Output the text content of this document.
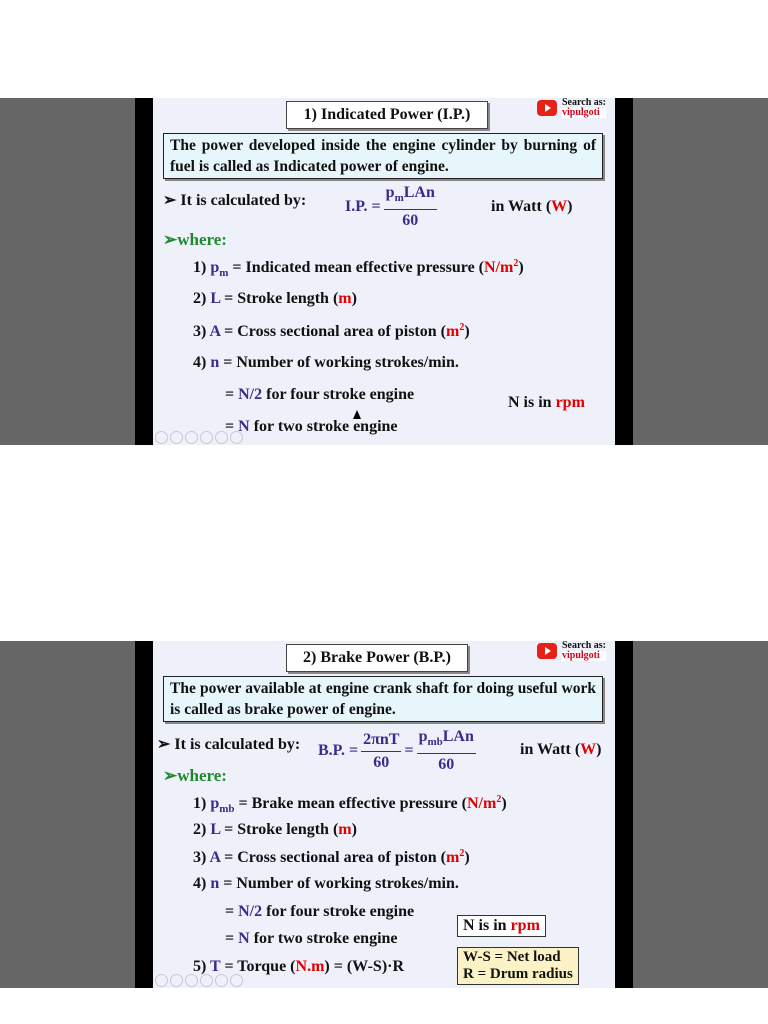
1) Indicated Power (I.P.)
Search as:
vipulgoti
The power developed inside the engine cylinder by burning of fuel is called as Indicated power of engine.
➢ It is calculated by: I.P. = $\frac{p_mLAn}{60}$	in Watt (W)
➢where:
1) $p_m$ = Indicated mean effective pressure $(N/m^2)$
2) L = Stroke length (m)
3) A = Cross sectional area of piston $(m^2)$
4) n = Number of working strokes/min.
= N/2 for four stroke engine	N is in rpm
= N for two stroke engine
2) Brake Power (B.P.)
Search as:
vipulgoti
The power available at engine crank shaft for doing useful work is called as brake power of engine.
➢ It is calculated by: B.P. = $\frac{\text{2πnT}}{60} = \frac{p_{mb}LAn}{60}$	in Watt (W)
➢where:
1) $p_{mb}$ = Brake mean effective pressure $(N/m^2)$
2) L = Stroke length (m)
3) A = Cross sectional area of piston $(m^2)$
4) n = Number of working strokes/min.
= N/2 for four stroke engine
N is in rpm
= N for two stroke engine
5) T = Torque (N.m) = (W-S)·R
W-S = Net load
R = Drum radius
